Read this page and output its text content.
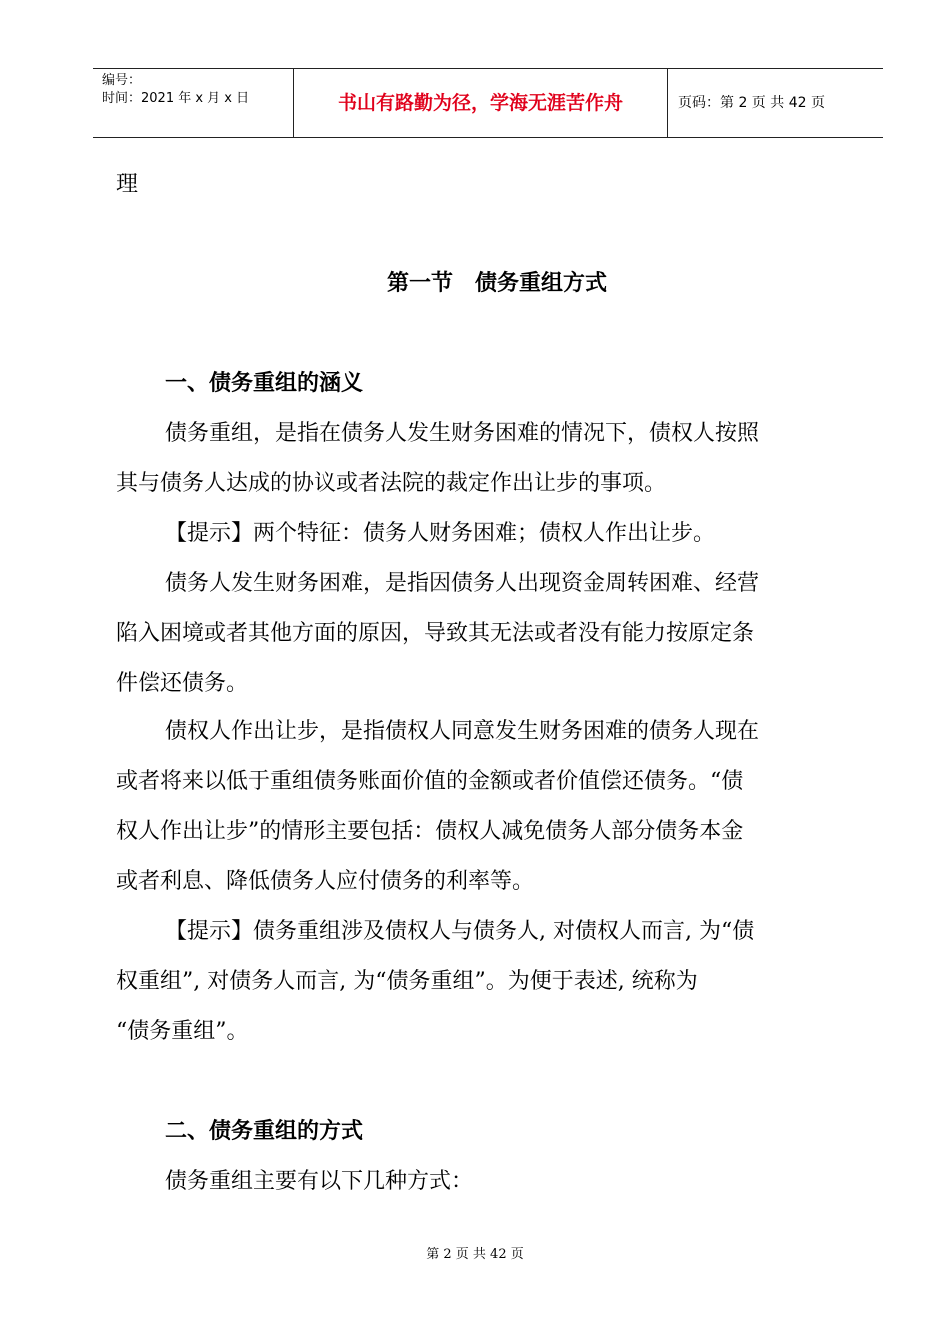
编号：
时间：2021 年 x 月 x 日	书山有路勤为径，学海无涯苦作舟	页码：第 2 页 共 42 页
理
第一节　债务重组方式
一、债务重组的涵义
债务重组，是指在债务人发生财务困难的情况下，债权人按照
其与债务人达成的协议或者法院的裁定作出让步的事项。
【提示】两个特征：债务人财务困难；债权人作出让步。
债务人发生财务困难，是指因债务人出现资金周转困难、经营
陷入困境或者其他方面的原因，导致其无法或者没有能力按原定条
件偿还债务。
债权人作出让步，是指债权人同意发生财务困难的债务人现在
或者将来以低于重组债务账面价值的金额或者价值偿还债务。“债
权人作出让步”的情形主要包括：债权人减免债务人部分债务本金
或者利息、降低债务人应付债务的利率等。
【提示】债务重组涉及债权人与债务人, 对债权人而言, 为“债
权重组”, 对债务人而言, 为“债务重组”。为便于表述, 统称为
“债务重组”。
二、债务重组的方式
债务重组主要有以下几种方式：
第 2 页 共 42 页
